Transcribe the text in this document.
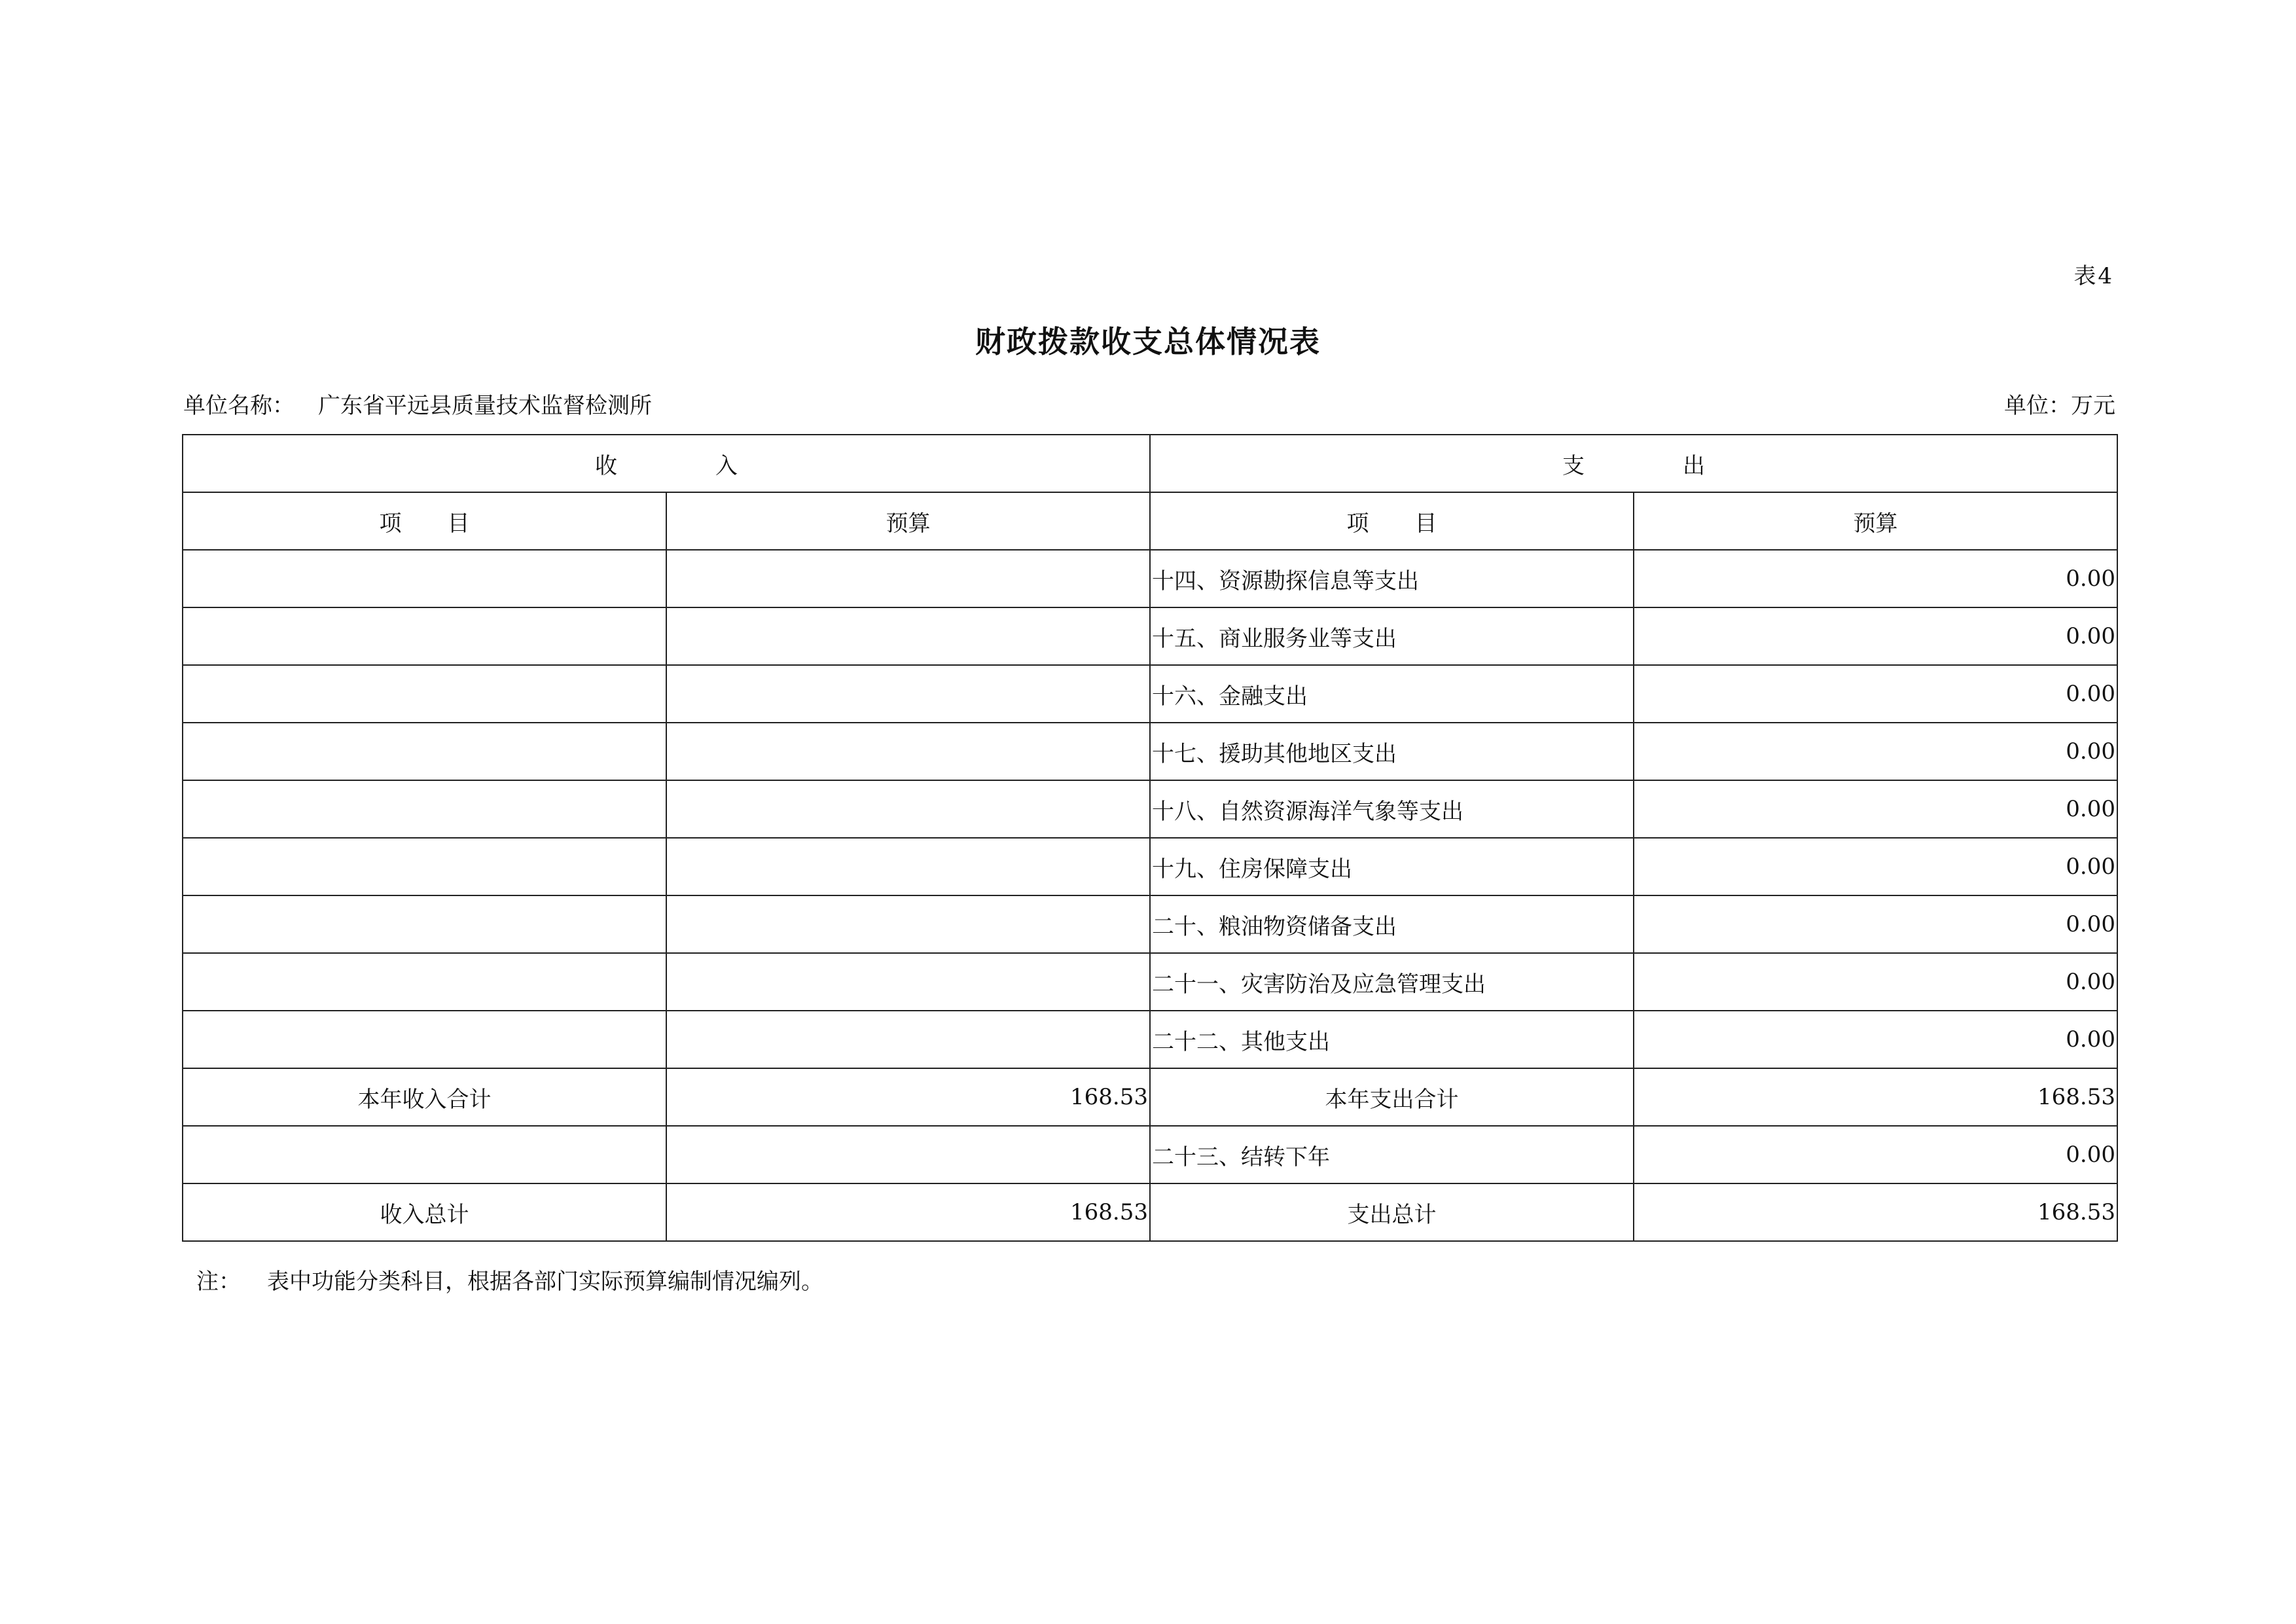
表4
财政拨款收支总体情况表
单位名称： 广东省平远县质量技术监督检测所	单位：万元
收 入		支 出	
项 目	预算	项 目	预算
		十四、资源勘探信息等支出	0.00
		十五、商业服务业等支出	0.00
		十六、金融支出	0.00
		十七、援助其他地区支出	0.00
		十八、自然资源海洋气象等支出	0.00
		十九、住房保障支出	0.00
		二十、粮油物资储备支出	0.00
		二十一、灾害防治及应急管理支出	0.00
		二十二、其他支出	0.00
本年收入合计	168.53	本年支出合计	168.53
		二十三、结转下年	0.00
收入总计	168.53	支出总计	168.53
注： 表中功能分类科目，根据各部门实际预算编制情况编列。
